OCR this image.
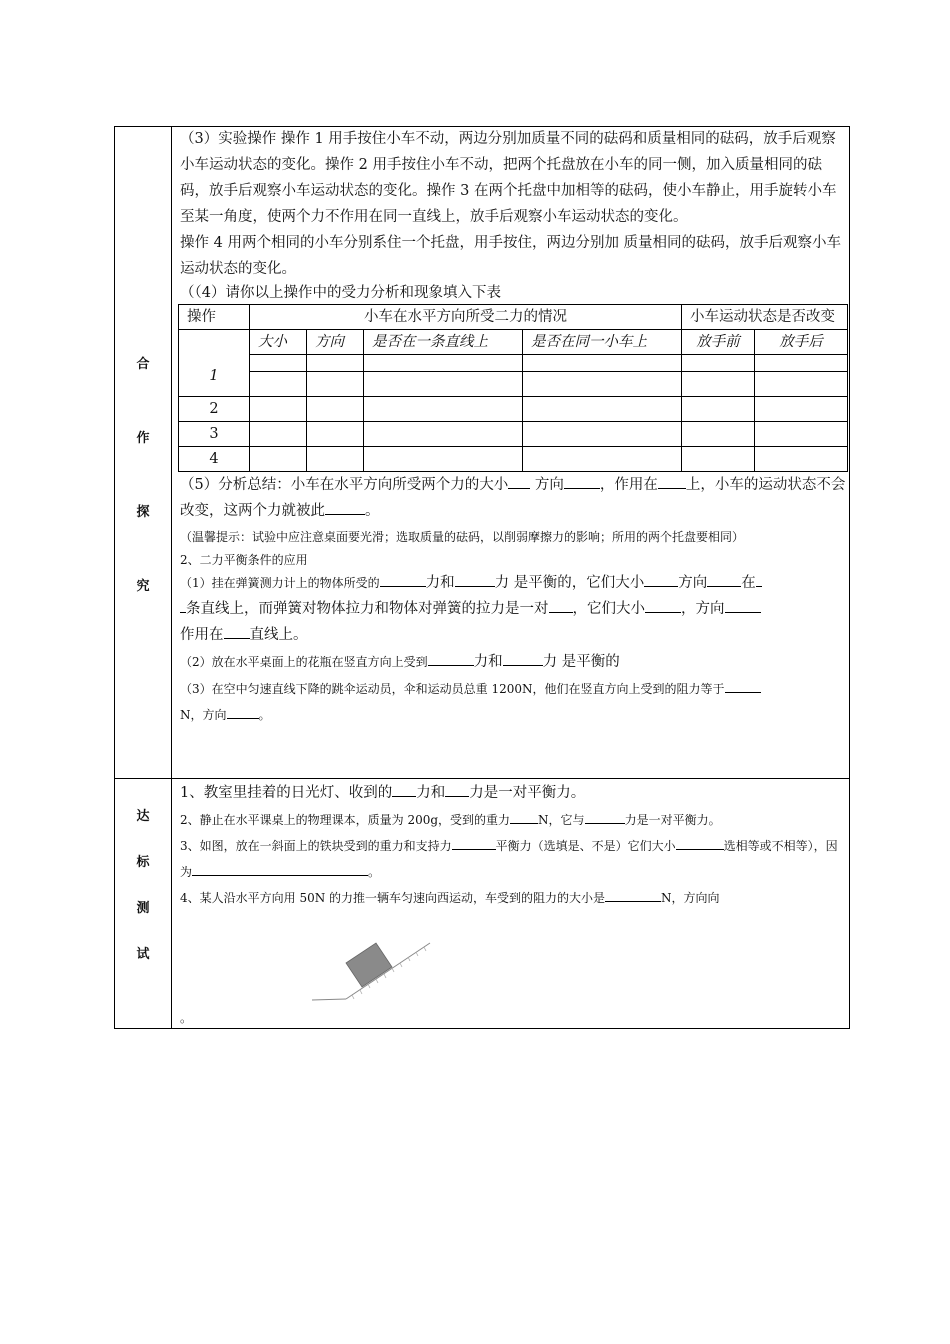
合
作
探
究

（3）实验操作 操作 1 用手按住小车不动，两边分别加质量不同的砝码和质量相同的砝码，放手后观察小车运动状态的变化。操作 2 用手按住小车不动，把两个托盘放在小车的同一侧，加入质量相同的砝码，放手后观察小车运动状态的变化。操作 3 在两个托盘中加相等的砝码，使小车静止，用手旋转小车至某一角度，使两个力不作用在同一直线上，放手后观察小车运动状态的变化。

操作 4 用两个相同的小车分别系住一个托盘，用手按住，两边分别加 质量相同的砝码，放手后观察小车运动状态的变化。

（（4）请你以上操作中的受力分析和现象填入下表

操作	小车在水平方向所受二力的情况	小车运动状态是否改变
1	大小	方向	是否在一条直线上	是否在同一小车上	放手前	放手后

2						
3						
4						

（5）分析总结：小车在水平方向所受两个力的大小 方向 ，作用在 上，小车的运动状态不会改变，这两个力就被此	。

（温馨提示：试验中应注意桌面要光滑；选取质量的砝码，以削弱摩擦力的影响；所用的两个托盘要相同）

2、二力平衡条件的应用

（1）挂在弹簧测力计上的物体所受的	力和	力 是平衡的，它们大小 方向 在
条直线上，而弹簧对物体拉力和物体对弹簧的拉力是一对 ，它们大小 ，方向
作用在 直线上。

（2）放在水平桌面上的花瓶在竖直方向上受到	力和	力 是平衡的

（3）在空中匀速直线下降的跳伞运动员，伞和运动员总重 1200N，他们在竖直方向上受到的阻力等于
N，方向	。

达
标
测
试

1、教室里挂着的日光灯、收到的 力和 力是一对平衡力。

2、静止在水平课桌上的物理课本，质量为 200g，受到的重力 N，它与	力是一对平衡力。

3、如图，放在一斜面上的铁块受到的重力和支持力	平衡力（选填是、不是）它们大小	选相等或不相等），因为	。

4、某人沿水平方向用 50N 的力推一辆车匀速向西运动，车受到的阻力的大小是	N，方向向

。
